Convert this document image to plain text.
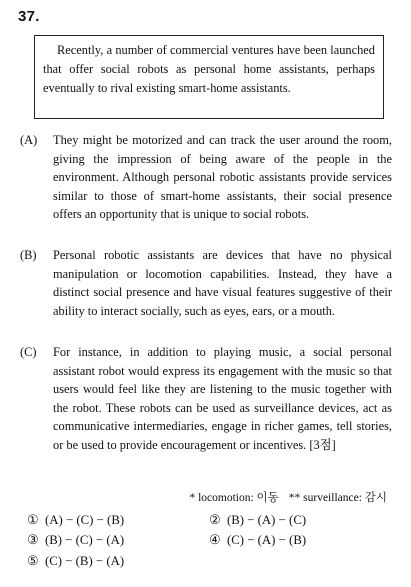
37.
Recently, a number of commercial ventures have been launched that offer social robots as personal home assistants, perhaps eventually to rival existing smart-home assistants.
(A)	They might be motorized and can track the user around the room, giving the impression of being aware of the people in the environment. Although personal robotic assistants provide services similar to those of smart-home assistants, their social presence offers an opportunity that is unique to social robots.
(B)	Personal robotic assistants are devices that have no physical manipulation or locomotion capabilities. Instead, they have a distinct social presence and have visual features suggestive of their ability to interact socially, such as eyes, ears, or a mouth.
(C)	For instance, in addition to playing music, a social personal assistant robot would express its engagement with the music so that users would feel like they are listening to the music together with the robot. These robots can be used as surveillance devices, act as communicative intermediaries, engage in richer games, tell stories, or be used to provide encouragement or incentives. [3점]
* locomotion: 이동 ** surveillance: 감시
① (A) − (C) − (B)	② (B) − (A) − (C)
③ (B) − (C) − (A)	④ (C) − (A) − (B)
⑤ (C) − (B) − (A)
